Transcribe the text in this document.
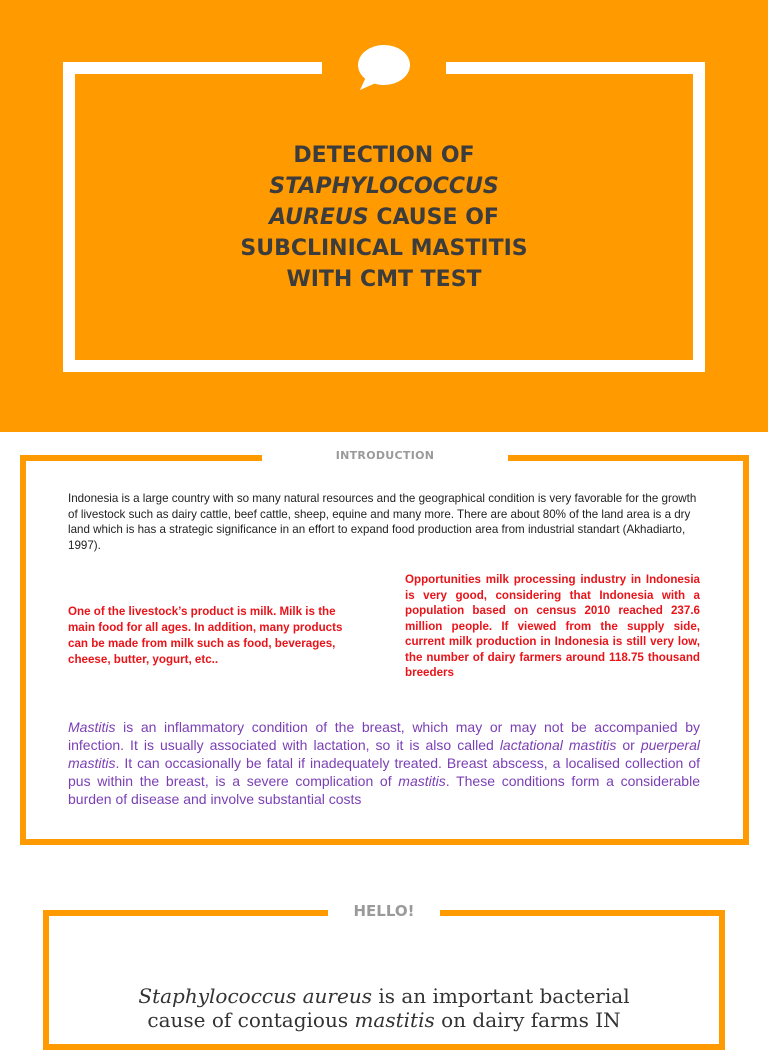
DETECTION OF
STAPHYLOCOCCUS
AUREUS CAUSE OF
SUBCLINICAL MASTITIS
WITH CMT TEST
INTRODUCTION
Indonesia is a large country with so many natural resources and the geographical condition is very favorable for the growth of livestock such as dairy cattle, beef cattle, sheep, equine and many more. There are about 80% of the land area is a dry land which is has a strategic significance in an effort to expand food production area from industrial standart (Akhadiarto, 1997).
One of the livestock’s product is milk. Milk is the main food for all ages. In addition, many products can be made from milk such as food, beverages, cheese, butter, yogurt, etc..
Opportunities milk processing industry in Indonesia is very good, considering that Indonesia with a population based on census 2010 reached 237.6 million people. If viewed from the supply side, current milk production in Indonesia is still very low, the number of dairy farmers around 118.75 thousand breeders
Mastitis is an inflammatory condition of the breast, which may or may not be accompanied by infection. It is usually associated with lactation, so it is also called lactational mastitis or puerperal mastitis. It can occasionally be fatal if inadequately treated. Breast abscess, a localised collection of pus within the breast, is a severe complication of mastitis. These conditions form a considerable burden of disease and involve substantial costs
HELLO!
Staphylococcus aureus is an important bacterial cause of contagious mastitis on dairy farms IN
